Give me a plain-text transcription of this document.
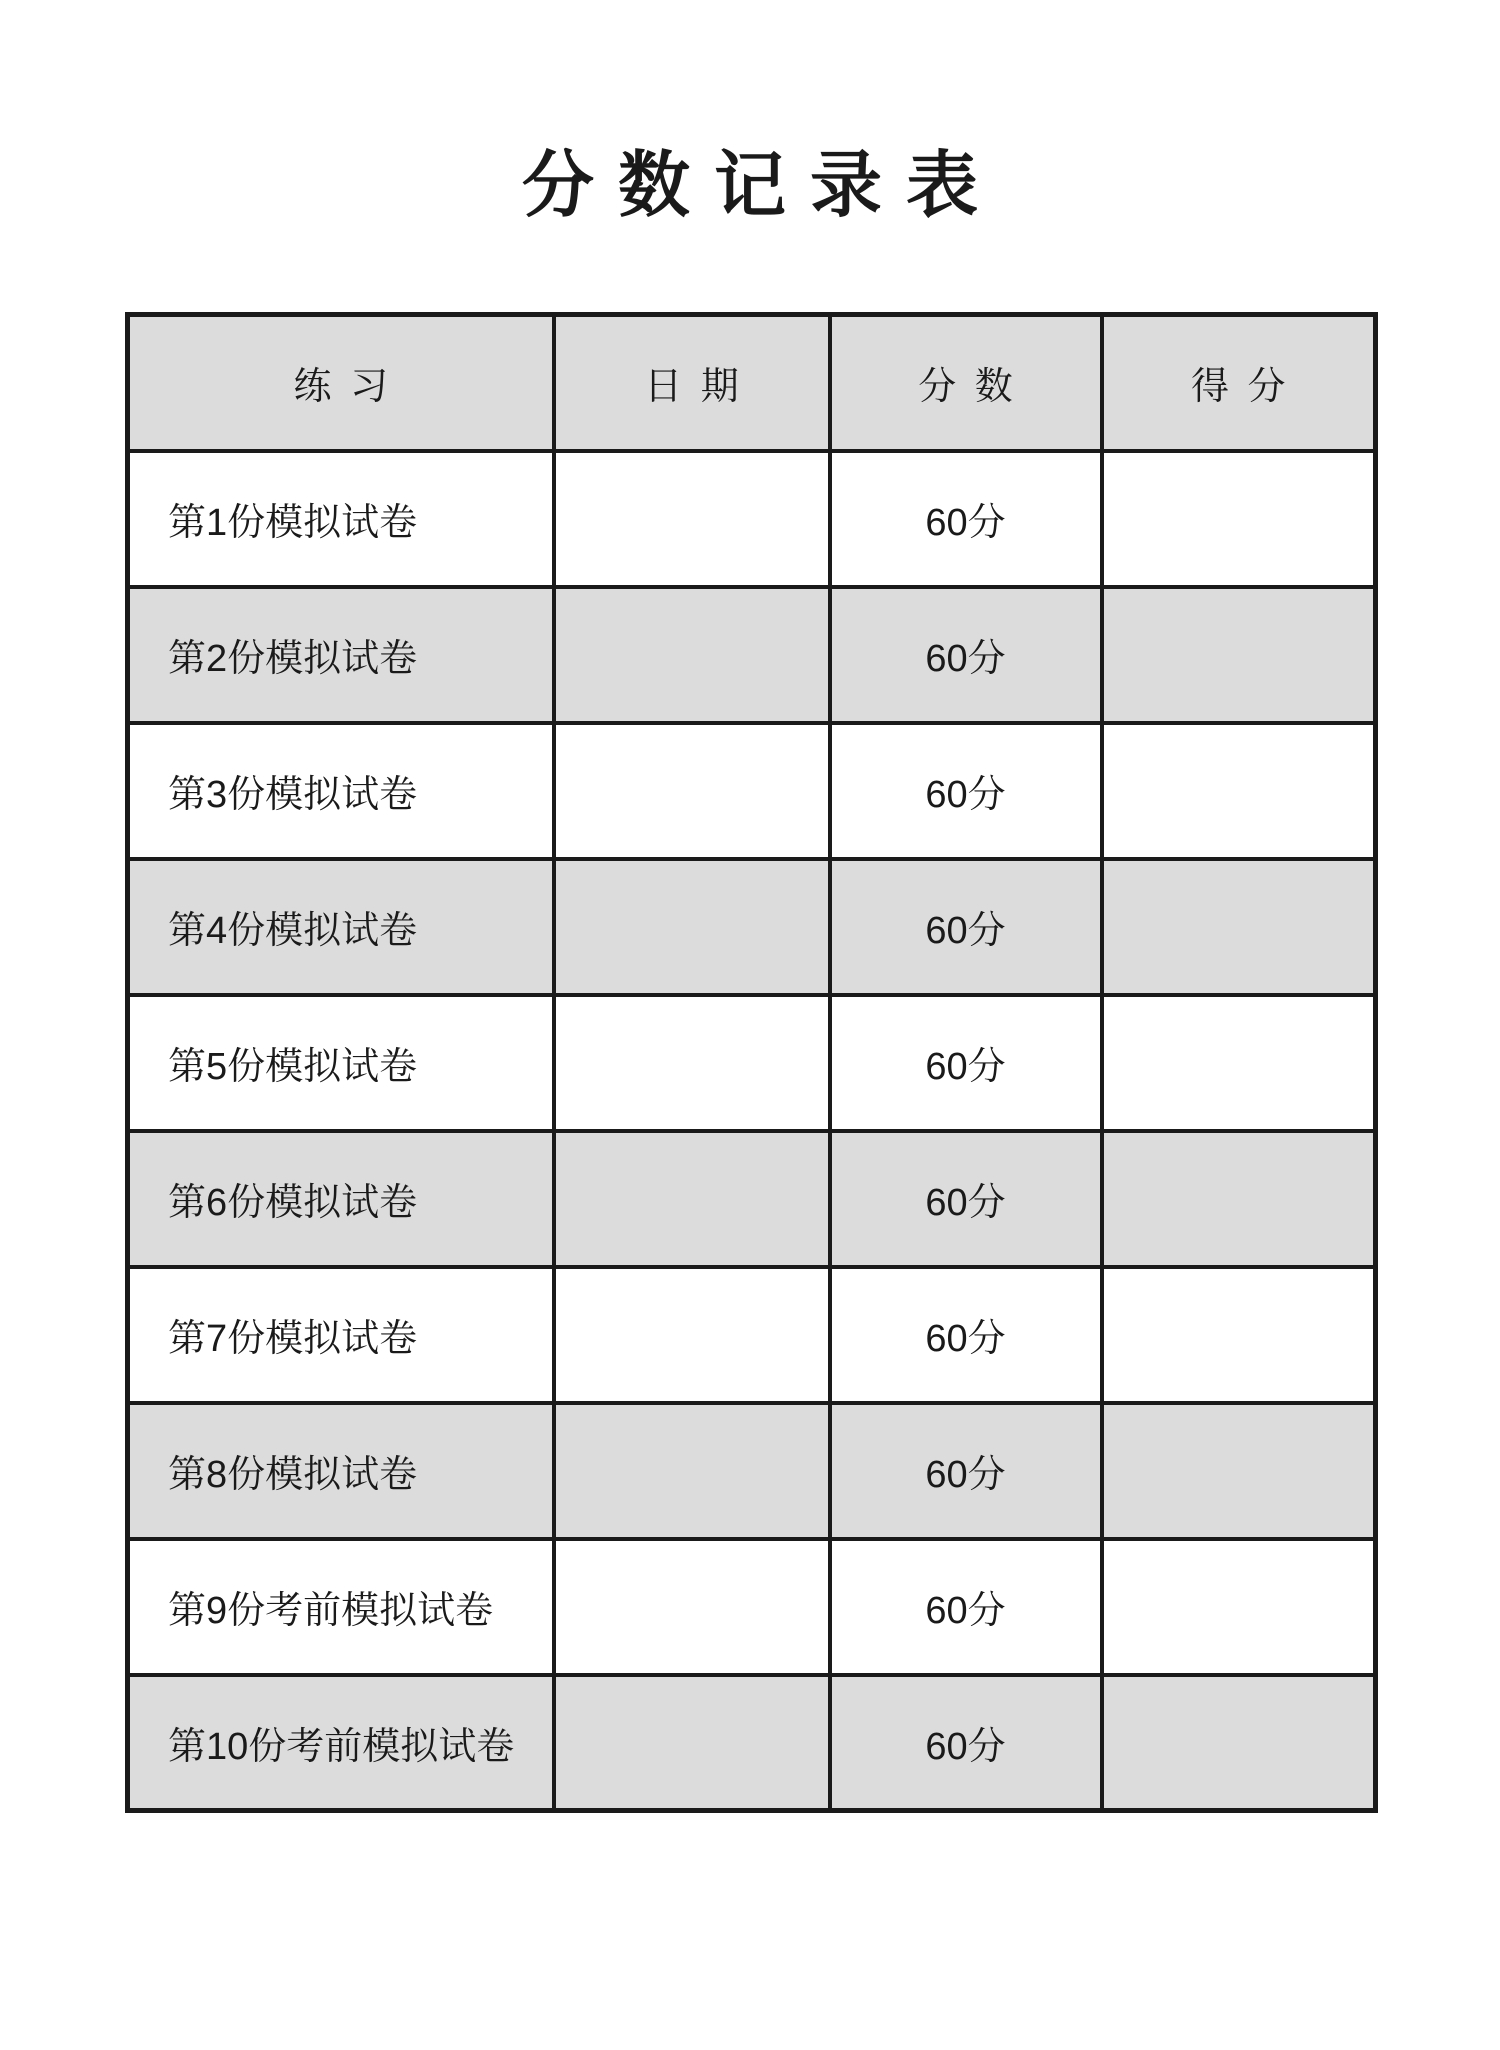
分数记录表
练 习	日 期	分 数	得 分
第1份模拟试卷		60分	
第2份模拟试卷		60分	
第3份模拟试卷		60分	
第4份模拟试卷		60分	
第5份模拟试卷		60分	
第6份模拟试卷		60分	
第7份模拟试卷		60分	
第8份模拟试卷		60分	
第9份考前模拟试卷		60分	
第10份考前模拟试卷		60分	
